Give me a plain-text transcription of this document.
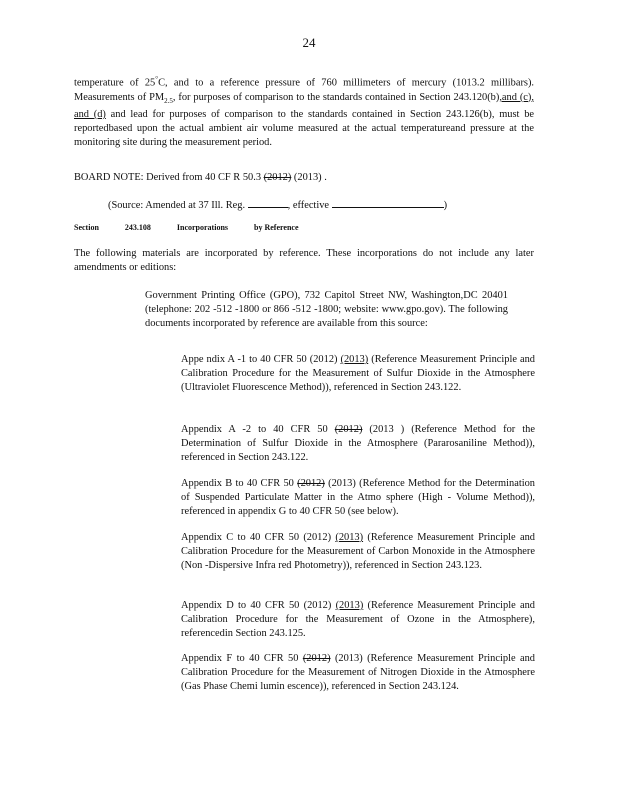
24

temperature of 25°C, and to a reference pressure of 760 millimeters of mercury (1013.2 millibars). Measurements of $PM_{2.5}$, for purposes of comparison to the standards contained in Section 243.120(b),and (c), and (d) and lead for purposes of comparison to the standards contained in Section 243.126(b), must be reportedbased upon the actual ambient air volume measured at the actual temperatureand pressure at the monitoring site during the measurement period.

BOARD NOTE: Derived from 40 CF R 50.3 (2012) (2013) .

(Source: Amended at 37 Ill. Reg.	, effective	)

Section	243.108	Incorporations	by Reference

The following materials are incorporated by reference. These incorporations do not include any later amendments or editions:

Government Printing Office (GPO), 732 Capitol Street NW, Washington,DC 20401 (telephone: 202 -512 -1800 or 866 -512 -1800; website: www.gpo.gov). The following documents incorporated by reference are available from this source:

Appe ndix A -1 to 40 CFR 50 (2012) (2013) (Reference Measurement Principle and Calibration Procedure for the Measurement of Sulfur Dioxide in the Atmosphere (Ultraviolet Fluorescence Method)), referenced in Section 243.122.

Appendix A -2 to 40 CFR 50 (2012) (2013 ) (Reference Method for the Determination of Sulfur Dioxide in the Atmosphere (Pararosaniline Method)), referenced in Section 243.122.

Appendix B to 40 CFR 50 (2012) (2013) (Reference Method for the Determination of Suspended Particulate Matter in the Atmo sphere (High - Volume Method)), referenced in appendix G to 40 CFR 50 (see below).

Appendix C to 40 CFR 50 (2012) (2013) (Reference Measurement Principle and Calibration Procedure for the Measurement of Carbon Monoxide in the Atmosphere (Non -Dispersive Infra red Photometry)), referenced in Section 243.123.

Appendix D to 40 CFR 50 (2012) (2013) (Reference Measurement Principle and Calibration Procedure for the Measurement of Ozone in the Atmosphere), referencedin Section 243.125.

Appendix F to 40 CFR 50 (2012) (2013) (Reference Measurement Principle and Calibration Procedure for the Measurement of Nitrogen Dioxide in the Atmosphere (Gas Phase Chemi lumin escence)), referenced in Section 243.124.
